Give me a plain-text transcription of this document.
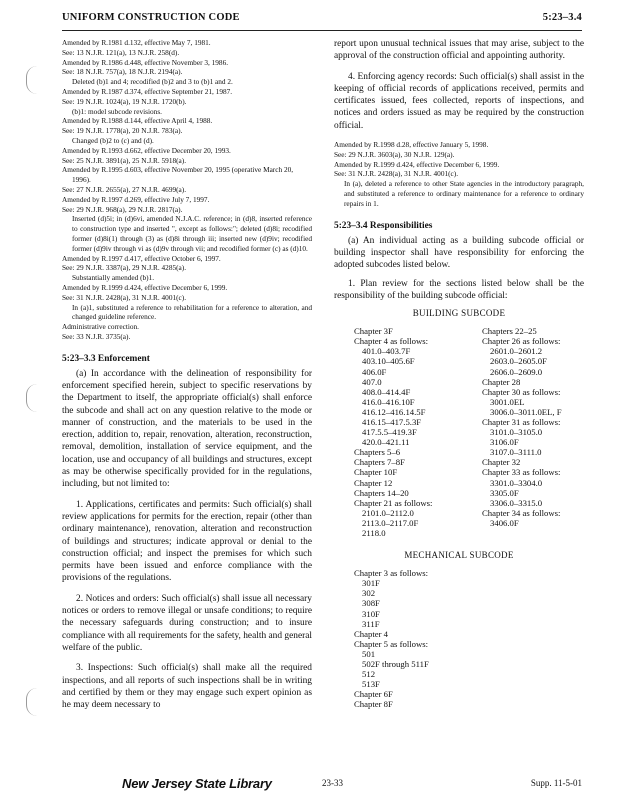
UNIFORM CONSTRUCTION CODE	5:23–3.4
Amended by R.1981 d.132, effective May 7, 1981.
See: 13 N.J.R. 121(a), 13 N.J.R. 258(d).
Amended by R.1986 d.448, effective November 3, 1986.
See: 18 N.J.R. 757(a), 18 N.J.R. 2194(a).
Deleted (b)1 and 4; recodified (b)2 and 3 to (b)1 and 2.
Amended by R.1987 d.374, effective September 21, 1987.
See: 19 N.J.R. 1024(a), 19 N.J.R. 1720(b).
(b)1: model subcode revisions.
Amended by R.1988 d.144, effective April 4, 1988.
See: 19 N.J.R. 1778(a), 20 N.J.R. 783(a).
Changed (b)2 to (c) and (d).
Amended by R.1993 d.662, effective December 20, 1993.
See: 25 N.J.R. 3891(a), 25 N.J.R. 5918(a).
Amended by R.1995 d.603, effective November 20, 1995 (operative March 20, 1996).
See: 27 N.J.R. 2655(a), 27 N.J.R. 4699(a).
Amended by R.1997 d.269, effective July 7, 1997.
See: 29 N.J.R. 968(a), 29 N.J.R. 2817(a).

Inserted (d)5i; in (d)6vi, amended N.J.A.C. reference; in (d)8, inserted reference to construction type and inserted ", except as follows:"; deleted (d)8i; recodified former (d)8i(1) through (3) as (d)8i through iii; inserted new (d)9iv; recodified former (d)9iv through vi as (d)9v through vii; and recodified former (c) as (d)10.

Amended by R.1997 d.417, effective October 6, 1997.
See: 29 N.J.R. 3387(a), 29 N.J.R. 4285(a).
Substantially amended (b)1.
Amended by R.1999 d.424, effective December 6, 1999.
See: 31 N.J.R. 2428(a), 31 N.J.R. 4001(c).

In (a)1, substituted a reference to rehabilitation for a reference to alteration, and changed guideline reference.

Administrative correction.
See: 33 N.J.R. 3735(a).

5:23–3.3 Enforcement

(a) In accordance with the delineation of responsibility for enforcement specified herein, subject to specific reservations by the Department to itself, the appropriate official(s) shall enforce the subcode and shall act on any question relative to the mode or manner of construction, and the materials to be used in the erection, addition to, repair, renovation, alteration, reconstruction, removal, demolition, installation of service equipment, and the location, use and occupancy of all buildings and structures, except as may be otherwise specifically provided for in the regulations, including, but not limited to:

1. Applications, certificates and permits: Such official(s) shall review applications for permits for the erection, repair (other than ordinary maintenance), renovation, alteration and reconstruction of buildings and structures; indicate approval or denial to the construction official; and inspect the premises for which such permits have been issued and enforce compliance with the provisions of the regulations.

2. Notices and orders: Such official(s) shall issue all necessary notices or orders to remove illegal or unsafe conditions; to require the necessary safeguards during construction; and to insure compliance with all requirements for the safety, health and general welfare of the public.

3. Inspections: Such official(s) shall make all the required inspections, and all reports of such inspections shall be in writing and certified by them or they may engage such expert opinion as he may deem necessary to

report upon unusual technical issues that may arise, subject to the approval of the construction official and appointing authority.

4. Enforcing agency records: Such official(s) shall assist in the keeping of official records of applications received, permits and certificates issued, fees collected, reports of inspections, and notices and orders issued as may be required by the construction official.

Amended by R.1998 d.28, effective January 5, 1998.
See: 29 N.J.R. 3603(a), 30 N.J.R. 129(a).
Amended by R.1999 d.424, effective December 6, 1999.
See: 31 N.J.R. 2428(a), 31 N.J.R. 4001(c).

In (a), deleted a reference to other State agencies in the introductory paragraph, and substituted a reference to ordinary maintenance for a reference to ordinary repairs in 1.

5:23–3.4 Responsibilities

(a) An individual acting as a building subcode official or building inspector shall have responsibility for enforcing the adopted subcodes listed below.

1. Plan review for the sections listed below shall be the responsibility of the building subcode official:

BUILDING SUBCODE
Chapter 3F
Chapter 4 as follows:
401.0–403.7F
403.10–405.6F
406.0F
407.0
408.0–414.4F
416.0–416.10F
416.12–416.14.5F
416.15–417.5.3F
417.5.5–419.3F
420.0–421.11
Chapters 5–6
Chapters 7–8F
Chapter 10F
Chapter 12
Chapters 14–20
Chapter 21 as follows:
2101.0–2112.0
2113.0–2117.0F
2118.0
Chapters 22–25
Chapter 26 as follows:
2601.0–2601.2
2603.0–2605.0F
2606.0–2609.0
Chapter 28
Chapter 30 as follows:
3001.0EL
3006.0–3011.0EL, F
Chapter 31 as follows:
3101.0–3105.0
3106.0F
3107.0–3111.0
Chapter 32
Chapter 33 as follows:
3301.0–3304.0
3305.0F
3306.0–3315.0
Chapter 34 as follows:
3406.0F
MECHANICAL SUBCODE
Chapter 3 as follows:
301F
302
308F
310F
311F
Chapter 4
Chapter 5 as follows:
501
502F through 511F
512
513F
Chapter 6F
Chapter 8F
New Jersey State Library	23-33	Supp. 11-5-01
